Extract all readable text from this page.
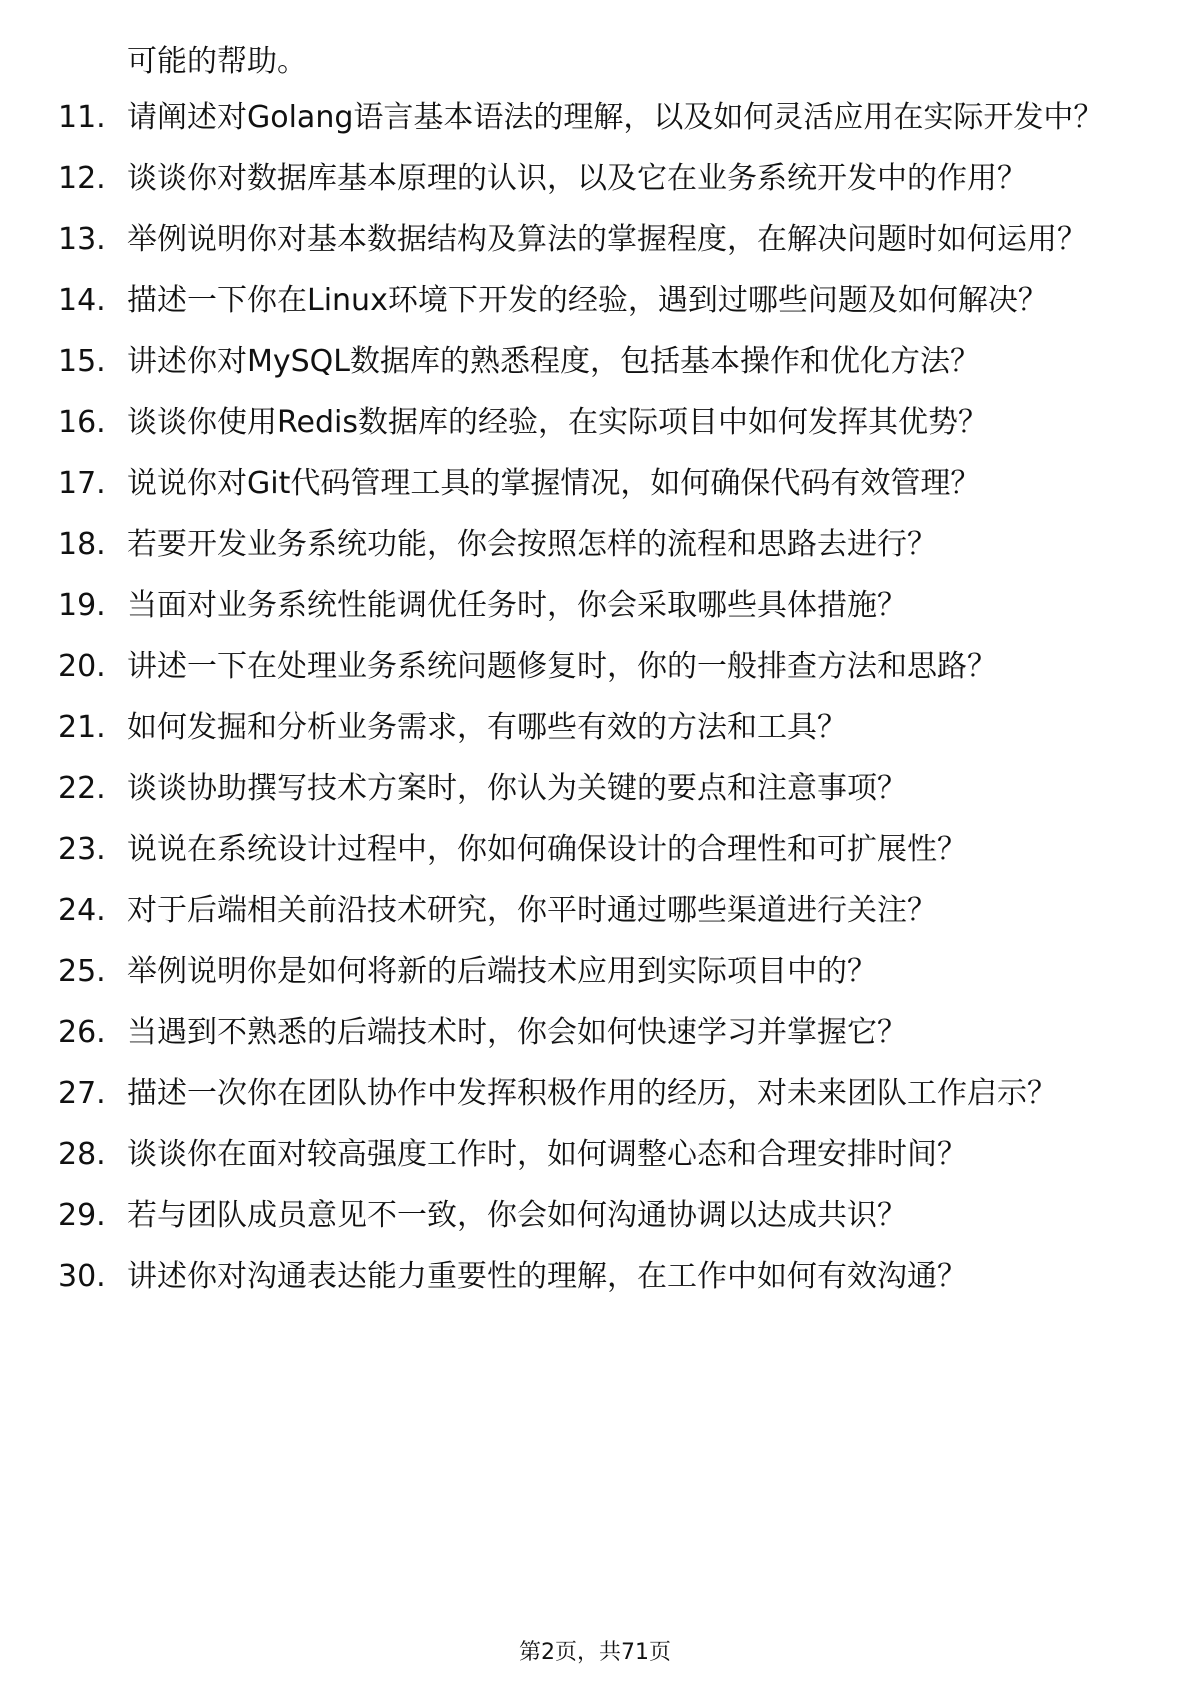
可能的帮助。
11. 请阐述对Golang语言基本语法的理解，以及如何灵活应用在实际开发中？
12. 谈谈你对数据库基本原理的认识，以及它在业务系统开发中的作用？
13. 举例说明你对基本数据结构及算法的掌握程度，在解决问题时如何运用？
14. 描述一下你在Linux环境下开发的经验，遇到过哪些问题及如何解决？
15. 讲述你对MySQL数据库的熟悉程度，包括基本操作和优化方法？
16. 谈谈你使用Redis数据库的经验，在实际项目中如何发挥其优势？
17. 说说你对Git代码管理工具的掌握情况，如何确保代码有效管理？
18. 若要开发业务系统功能，你会按照怎样的流程和思路去进行？
19. 当面对业务系统性能调优任务时，你会采取哪些具体措施？
20. 讲述一下在处理业务系统问题修复时，你的一般排查方法和思路？
21. 如何发掘和分析业务需求，有哪些有效的方法和工具？
22. 谈谈协助撰写技术方案时，你认为关键的要点和注意事项？
23. 说说在系统设计过程中，你如何确保设计的合理性和可扩展性？
24. 对于后端相关前沿技术研究，你平时通过哪些渠道进行关注？
25. 举例说明你是如何将新的后端技术应用到实际项目中的？
26. 当遇到不熟悉的后端技术时，你会如何快速学习并掌握它？
27. 描述一次你在团队协作中发挥积极作用的经历，对未来团队工作启示？
28. 谈谈你在面对较高强度工作时，如何调整心态和合理安排时间？
29. 若与团队成员意见不一致，你会如何沟通协调以达成共识？
30. 讲述你对沟通表达能力重要性的理解，在工作中如何有效沟通？
第2页，共71页
